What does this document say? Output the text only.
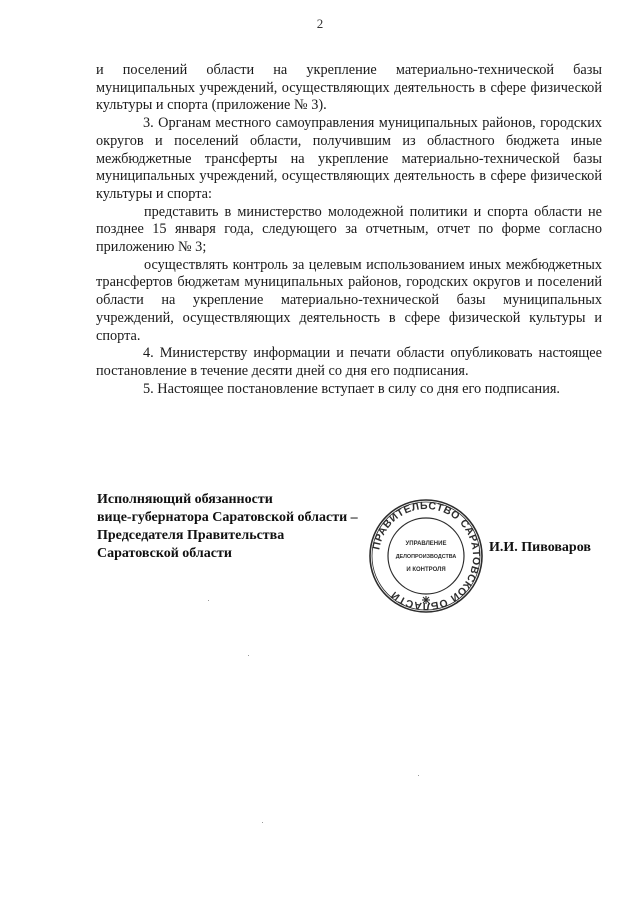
2

и поселений области на укрепление материально-технической базы муниципальных учреждений, осуществляющих деятельность в сфере физической культуры и спорта (приложение № 3).

3. Органам местного самоуправления муниципальных районов, городских округов и поселений области, получившим из областного бюджета иные межбюджетные трансферты на укрепление материально-технической базы муниципальных учреждений, осуществляющих деятельность в сфере физической культуры и спорта:

представить в министерство молодежной политики и спорта области не позднее 15 января года, следующего за отчетным, отчет по форме согласно приложению № 3;

осуществлять контроль за целевым использованием иных межбюджетных трансфертов бюджетам муниципальных районов, городских округов и поселений области на укрепление материально-технической базы муниципальных учреждений, осуществляющих деятельность в сфере физической культуры и спорта.

4. Министерству информации и печати области опубликовать настоящее постановление в течение десяти дней со дня его подписания.

5. Настоящее постановление вступает в силу со дня его подписания.

Исполняющий обязанности
вице-губернатора Саратовской области –
Председателя Правительства
Саратовской области
ПРАВИТЕЛЬСТВО САРАТОВСКОЙ ОБЛАСТИ
УПРАВЛЕНИЕ
ДЕЛОПРОИЗВОДСТВА
И КОНТРОЛЯ
И.И. Пивоваров
